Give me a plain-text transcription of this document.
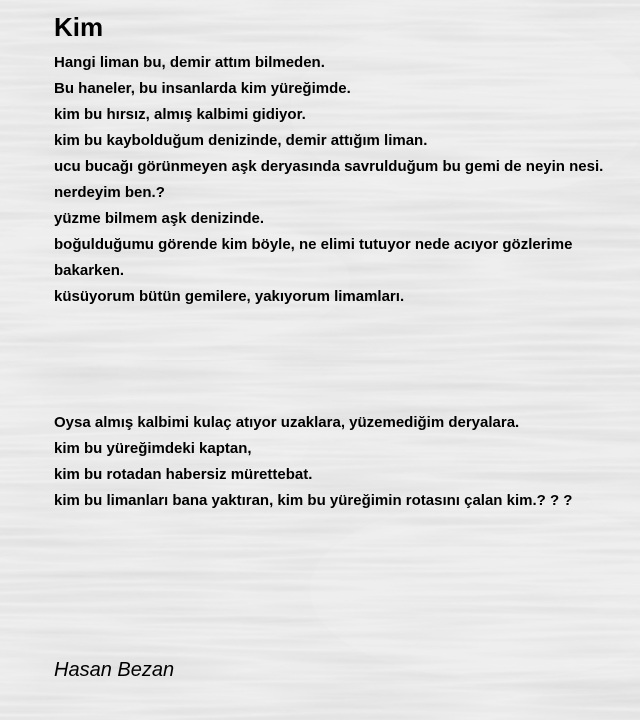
Kim
Hangi liman bu, demir attım bilmeden.
Bu haneler, bu insanlarda kim yüreğimde.
kim bu hırsız, almış kalbimi gidiyor.
kim bu kaybolduğum denizinde, demir attığım liman.
ucu bucağı görünmeyen aşk deryasında savrulduğum bu gemi de neyin nesi.
nerdeyim ben.?
yüzme bilmem aşk denizinde.
boğulduğumu görende kim böyle, ne elimi tutuyor nede acıyor gözlerime
bakarken.
küsüyorum bütün gemilere, yakıyorum limamları.
Oysa almış kalbimi kulaç atıyor uzaklara, yüzemediğim deryalara.
kim bu yüreğimdeki kaptan,
kim bu rotadan habersiz mürettebat.
kim bu limanları bana yaktıran, kim bu yüreğimin rotasını çalan kim.? ? ?
Hasan Bezan
